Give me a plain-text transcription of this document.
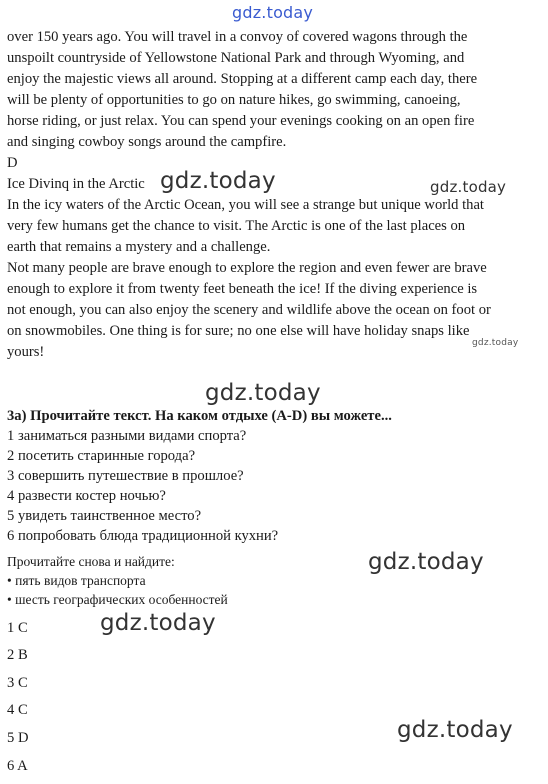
gdz.today
over 150 years ago. You will travel in a convoy of covered wagons through the
unspoilt countryside of Yellowstone National Park and through Wyoming, and
enjoy the majestic views all around. Stopping at a different camp each day, there
will be plenty of opportunities to go on nature hikes, go swimming, canoeing,
horse riding, or just relax. You can spend your evenings cooking on an open fire
and singing cowboy songs around the campfire.
D
Ice Divinq in the Arctic
In the icy waters of the Arctic Ocean, you will see a strange but unique world that
very few humans get the chance to visit. The Arctic is one of the last places on
earth that remains a mystery and a challenge.
Not many people are brave enough to explore the region and even fewer are brave
enough to explore it from twenty feet beneath the ice! If the diving experience is
not enough, you can also enjoy the scenery and wildlife above the ocean on foot or
on snowmobiles. One thing is for sure; no one else will have holiday snaps like
yours!
3а) Прочитайте текст. На каком отдыхе (A-D) вы можете...
1 заниматься разными видами спорта?
2 посетить старинные города?
3 совершить путешествие в прошлое?
4 развести костер ночью?
5 увидеть таинственное место?
6 попробовать блюда традиционной кухни?
Прочитайте снова и найдите:
• пять видов транспорта
• шесть географических особенностей
1 C
2 B
3 C
4 C
5 D
6 A
gdz.today	gdz.today
gdz.today
gdz.today
gdz.today
gdz.today
gdz.today
